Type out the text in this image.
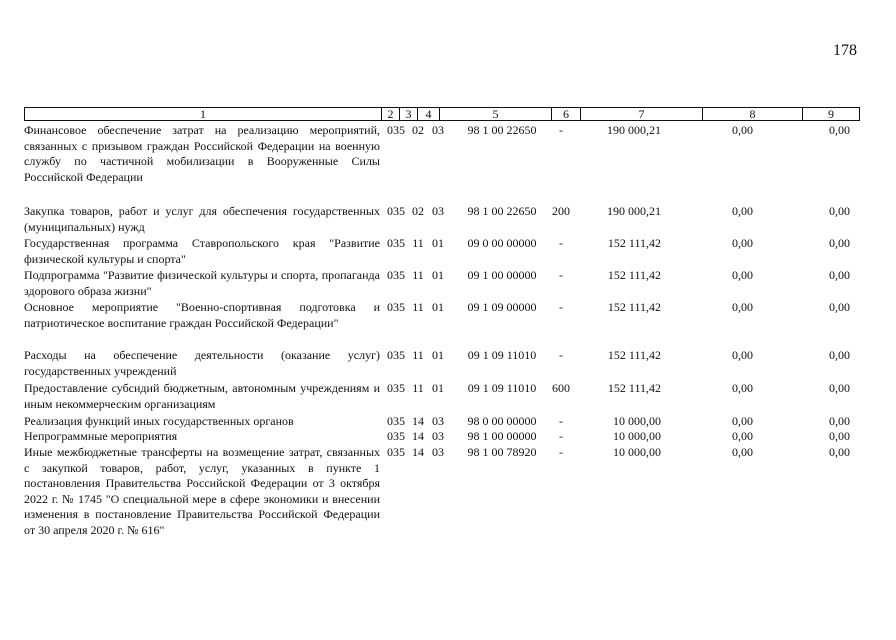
178
1	2	3	4	5	6	7	8	9
Финансовое обеспечение затрат на реализацию мероприятий, связанных с призывом граждан Российской Федерации на военную службу по частичной мобилизации в Вооруженные Силы Российской Федерации
035 02 03	98 1 00 22650	-	190 000,21	0,00	0,00
Закупка товаров, работ и услуг для обеспечения государственных (муниципальных) нужд
035 02 03	98 1 00 22650	200	190 000,21	0,00	0,00
Государственная программа Ставропольского края "Развитие физической культуры и спорта"
035 11 01	09 0 00 00000	-	152 111,42	0,00	0,00
Подпрограмма "Развитие физической культуры и спорта, пропаганда здорового образа жизни"
035 11 01	09 1 00 00000	-	152 111,42	0,00	0,00
Основное мероприятие "Военно-спортивная подготовка и патриотическое воспитание граждан Российской Федерации"
035 11 01	09 1 09 00000	-	152 111,42	0,00	0,00
Расходы на обеспечение деятельности (оказание услуг) государственных учреждений
035 11 01	09 1 09 11010	-	152 111,42	0,00	0,00
Предоставление субсидий бюджетным, автономным учреждениям и иным некоммерческим организациям
035 11 01	09 1 09 11010	600	152 111,42	0,00	0,00
Реализация функций иных государственных органов	035 14 03	98 0 00 00000	-	10 000,00	0,00	0,00
Непрограммные мероприятия	035 14 03	98 1 00 00000	-	10 000,00	0,00	0,00
Иные межбюджетные трансферты на возмещение затрат, связанных с закупкой товаров, работ, услуг, указанных в пункте 1 постановления Правительства Российской Федерации от 3 октября 2022 г. № 1745 "О специальной мере в сфере экономики и внесении изменения в постановление Правительства Российской Федерации от 30 апреля 2020 г. № 616"
035 14 03	98 1 00 78920	-	10 000,00	0,00	0,00
